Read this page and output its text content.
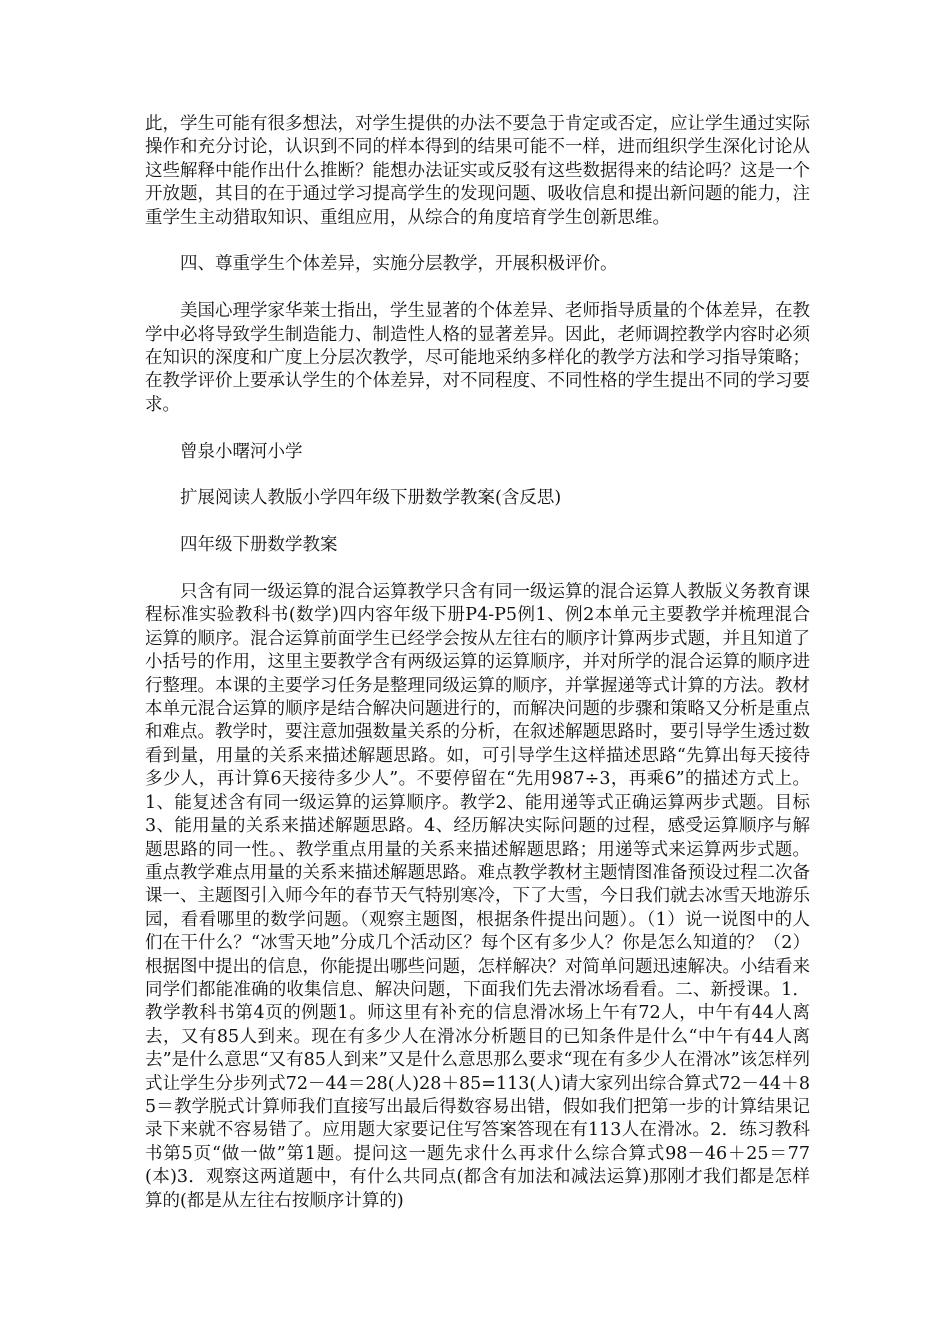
此，学生可能有很多想法，对学生提供的办法不要急于肯定或否定，应让学生通过实际操作和充分讨论，认识到不同的样本得到的结果可能不一样，进而组织学生深化讨论从这些解释中能作出什么推断？能想办法证实或反驳有这些数据得来的结论吗？这是一个开放题，其目的在于通过学习提高学生的发现问题、吸收信息和提出新问题的能力，注重学生主动猎取知识、重组应用，从综合的角度培育学生创新思维。

四、尊重学生个体差异，实施分层教学，开展积极评价。

美国心理学家华莱士指出，学生显著的个体差异、老师指导质量的个体差异，在教学中必将导致学生制造能力、制造性人格的显著差异。因此，老师调控教学内容时必须在知识的深度和广度上分层次教学，尽可能地采纳多样化的教学方法和学习指导策略；在教学评价上要承认学生的个体差异，对不同程度、不同性格的学生提出不同的学习要求。

曾泉小曙河小学

扩展阅读人教版小学四年级下册数学教案(含反思)

四年级下册数学教案

只含有同一级运算的混合运算教学只含有同一级运算的混合运算人教版义务教育课程标准实验教科书(数学)四内容年级下册P4-P5例1、例2本单元主要教学并梳理混合运算的顺序。混合运算前面学生已经学会按从左往右的顺序计算两步式题，并且知道了小括号的作用，这里主要教学含有两级运算的运算顺序，并对所学的混合运算的顺序进行整理。本课的主要学习任务是整理同级运算的顺序，并掌握递等式计算的方法。教材本单元混合运算的顺序是结合解决问题进行的，而解决问题的步骤和策略又分析是重点和难点。教学时，要注意加强数量关系的分析，在叙述解题思路时，要引导学生透过数看到量，用量的关系来描述解题思路。如，可引导学生这样描述思路“先算出每天接待多少人，再计算6天接待多少人”。不要停留在“先用987÷3，再乘6”的描述方式上。1、能复述含有同一级运算的运算顺序。教学2、能用递等式正确运算两步式题。目标3、能用量的关系来描述解题思路。4、经历解决实际问题的过程，感受运算顺序与解题思路的同一性。、教学重点用量的关系来描述解题思路；用递等式来运算两步式题。重点教学难点用量的关系来描述解题思路。难点教学教材主题情图准备预设过程二次备课一、主题图引入师今年的春节天气特别寒冷，下了大雪，今日我们就去冰雪天地游乐园，看看哪里的数学问题。（观察主题图，根据条件提出问题）。（1）说一说图中的人们在干什么？“冰雪天地”分成几个活动区？每个区有多少人？你是怎么知道的？（2）根据图中提出的信息，你能提出哪些问题，怎样解决？对简单问题迅速解决。小结看来同学们都能准确的收集信息、解决问题，下面我们先去滑冰场看看。二、新授课。1．教学教科书第4页的例题1。师这里有补充的信息滑冰场上午有72人，中午有44人离去，又有85人到来。现在有多少人在滑冰分析题目的已知条件是什么“中午有44人离去”是什么意思“又有85人到来”又是什么意思那么要求“现在有多少人在滑冰”该怎样列式让学生分步列式72－44＝28(人)28＋85=113(人)请大家列出综合算式72－44＋85＝教学脱式计算师我们直接写出最后得数容易出错，假如我们把第一步的计算结果记录下来就不容易错了。应用题大家要记住写答案答现在有113人在滑冰。2．练习教科书第5页“做一做”第1题。提问这一题先求什么再求什么综合算式98－46＋25＝77(本)3．观察这两道题中，有什么共同点(都含有加法和减法运算)那刚才我们都是怎样算的(都是从左往右按顺序计算的)
